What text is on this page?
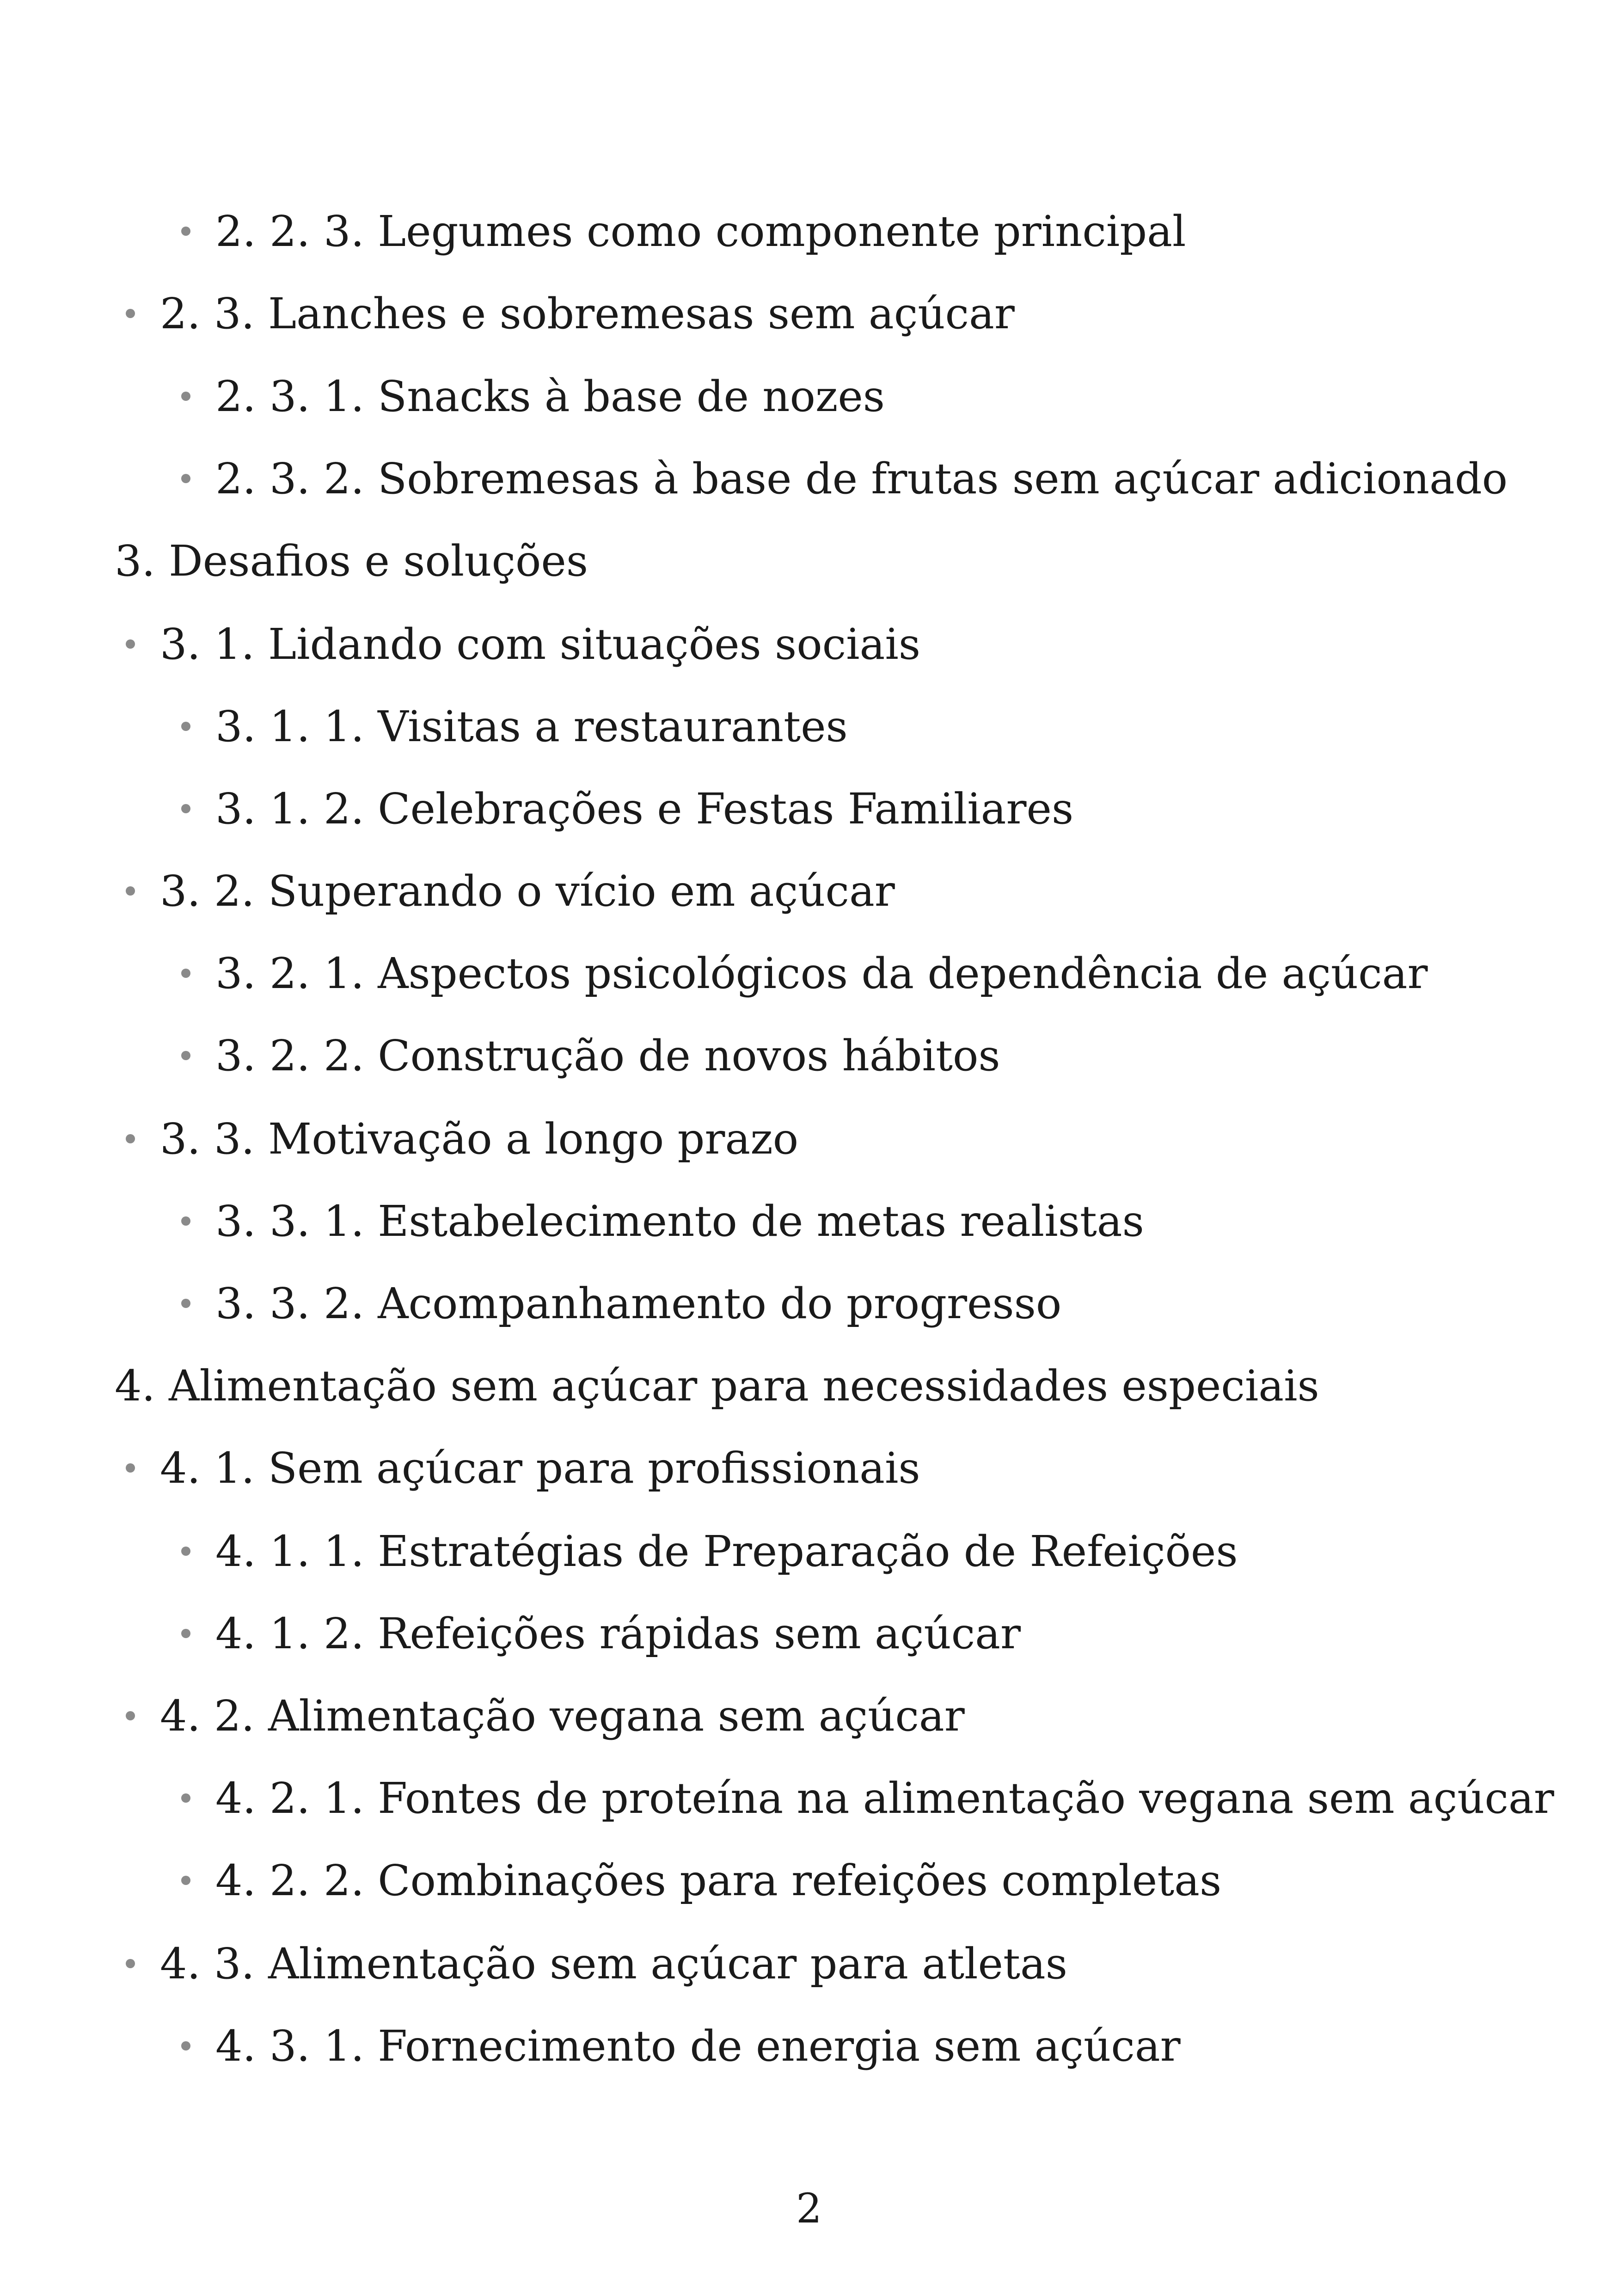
2. 2. 3. Legumes como componente principal
2. 3. Lanches e sobremesas sem açúcar
2. 3. 1. Snacks à base de nozes
2. 3. 2. Sobremesas à base de frutas sem açúcar adicionado
3. Desafios e soluções
3. 1. Lidando com situações sociais
3. 1. 1. Visitas a restaurantes
3. 1. 2. Celebrações e Festas Familiares
3. 2. Superando o vício em açúcar
3. 2. 1. Aspectos psicológicos da dependência de açúcar
3. 2. 2. Construção de novos hábitos
3. 3. Motivação a longo prazo
3. 3. 1. Estabelecimento de metas realistas
3. 3. 2. Acompanhamento do progresso
4. Alimentação sem açúcar para necessidades especiais
4. 1. Sem açúcar para profissionais
4. 1. 1. Estratégias de Preparação de Refeições
4. 1. 2. Refeições rápidas sem açúcar
4. 2. Alimentação vegana sem açúcar
4. 2. 1. Fontes de proteína na alimentação vegana sem açúcar
4. 2. 2. Combinações para refeições completas
4. 3. Alimentação sem açúcar para atletas
4. 3. 1. Fornecimento de energia sem açúcar
2
